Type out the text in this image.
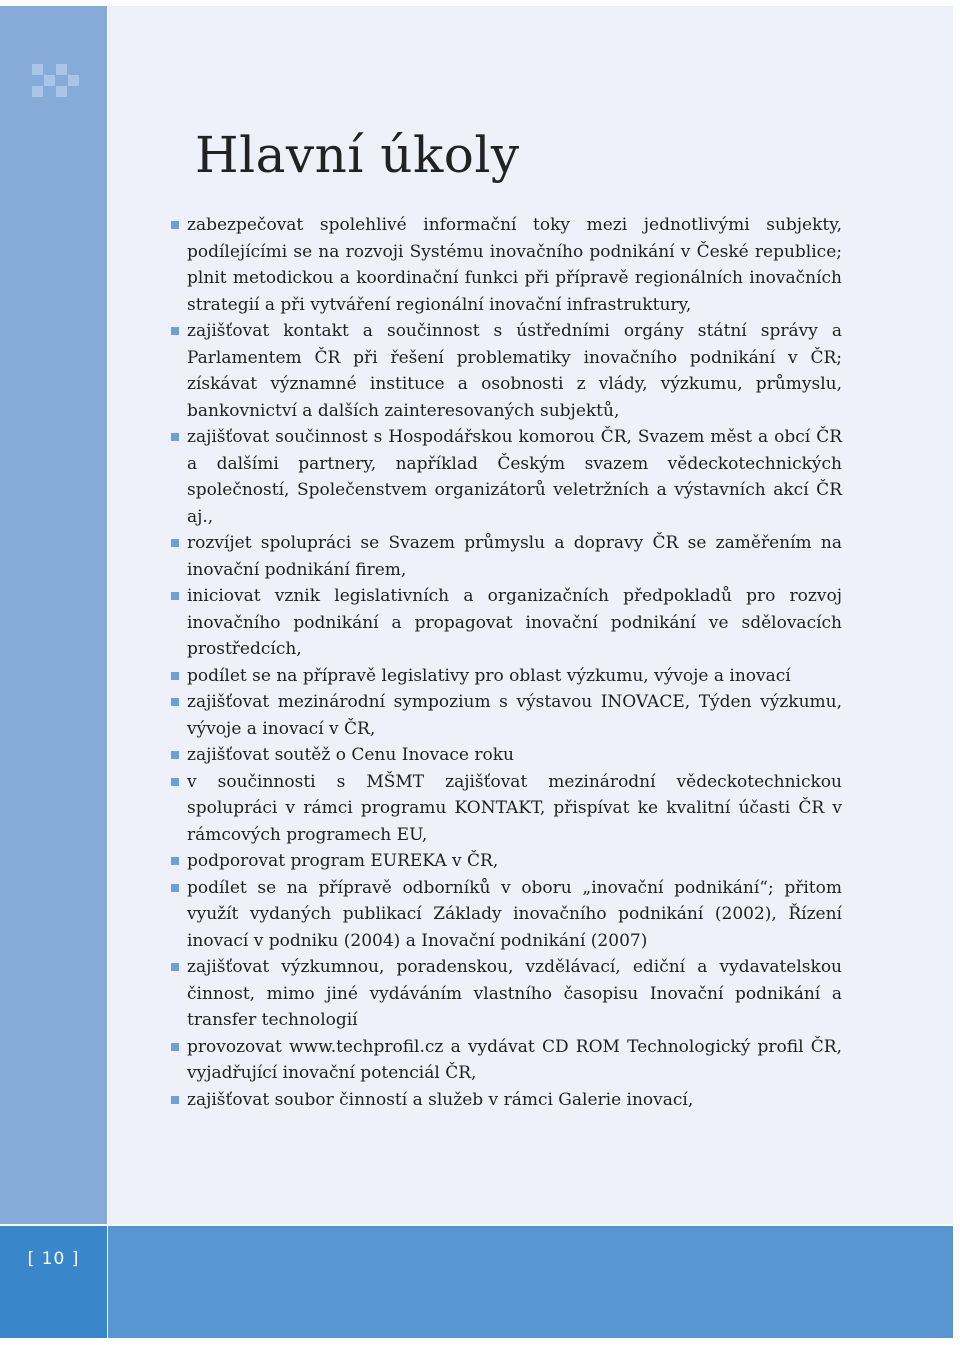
Hlavní úkoly
zabezpečovat spolehlivé informační toky mezi jednotlivými subjekty, podílejícími se na rozvoji Systému inovačního podnikání v České republice; plnit metodickou a koordinační funkci při přípravě regionálních inovačních strategií a při vytváření regionální inovační infrastruktury,
zajišťovat kontakt a součinnost s ústředními orgány státní správy a Parlamentem ČR při řešení problematiky inovačního podnikání v ČR; získávat významné instituce a osobnosti z vlády, výzkumu, průmyslu, bankovnictví a dalších zainteresovaných subjektů,
zajišťovat součinnost s Hospodářskou komorou ČR, Svazem měst a obcí ČR a dalšími partnery, například Českým svazem vědeckotechnických společností, Společenstvem organizátorů veletržních a výstavních akcí ČR aj.,
rozvíjet spolupráci se Svazem průmyslu a dopravy ČR se zaměřením na inovační podnikání firem,
iniciovat vznik legislativních a organizačních předpokladů pro rozvoj inovačního podnikání a propagovat inovační podnikání ve sdělovacích prostředcích,
podílet se na přípravě legislativy pro oblast výzkumu, vývoje a inovací
zajišťovat mezinárodní sympozium s výstavou INOVACE, Týden výzkumu, vývoje a inovací v ČR,
zajišťovat soutěž o Cenu Inovace roku
v součinnosti s MŠMT zajišťovat mezinárodní vědeckotechnickou spolupráci v rámci programu KONTAKT, přispívat ke kvalitní účasti ČR v rámcových programech EU,
podporovat program EUREKA v ČR,
podílet se na přípravě odborníků v oboru „inovační podnikání“; přitom využít vydaných publikací Základy inovačního podnikání (2002), Řízení inovací v podniku (2004) a Inovační podnikání (2007)
zajišťovat výzkumnou, poradenskou, vzdělávací, ediční a vydavatelskou činnost, mimo jiné vydáváním vlastního časopisu Inovační podnikání a transfer technologií
provozovat www.techprofil.cz a vydávat CD ROM Technologický profil ČR, vyjadřující inovační potenciál ČR,
zajišťovat soubor činností a služeb v rámci Galerie inovací,
[ 10 ]
